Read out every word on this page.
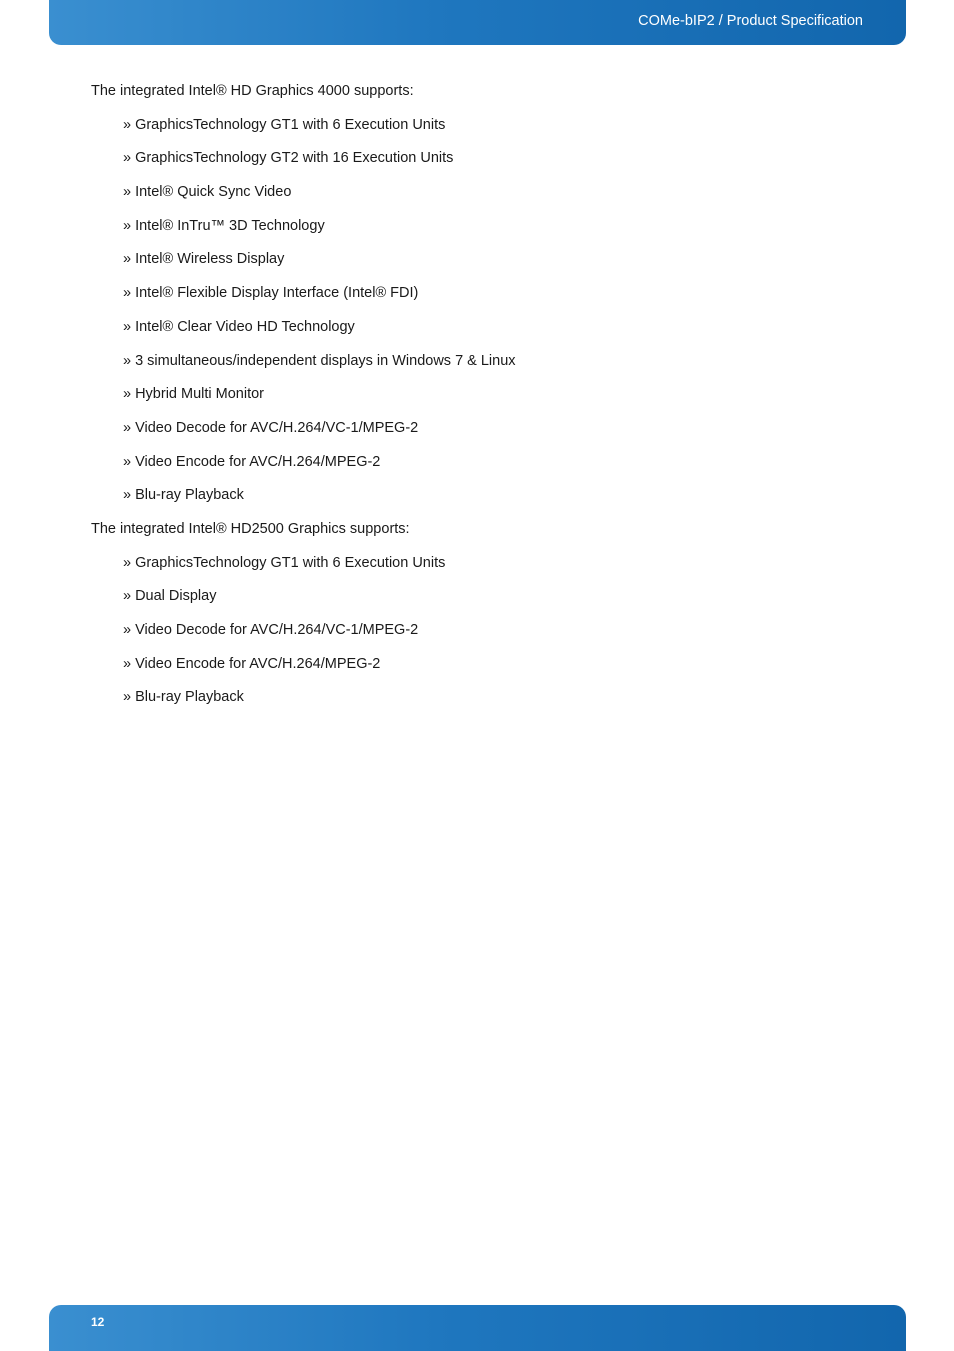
COMe-bIP2 / Product Specification

The integrated Intel® HD Graphics 4000 supports:

» GraphicsTechnology GT1 with 6 Execution Units
» GraphicsTechnology GT2 with 16 Execution Units
» Intel® Quick Sync Video
» Intel® InTru™ 3D Technology
» Intel® Wireless Display
» Intel® Flexible Display Interface (Intel® FDI)
» Intel® Clear Video HD Technology
» 3 simultaneous/independent displays in Windows 7 & Linux
» Hybrid Multi Monitor
» Video Decode for AVC/H.264/VC-1/MPEG-2
» Video Encode for AVC/H.264/MPEG-2
» Blu-ray Playback

The integrated Intel® HD2500 Graphics supports:

» GraphicsTechnology GT1 with 6 Execution Units
» Dual Display
» Video Decode for AVC/H.264/VC-1/MPEG-2
» Video Encode for AVC/H.264/MPEG-2
» Blu-ray Playback
12
